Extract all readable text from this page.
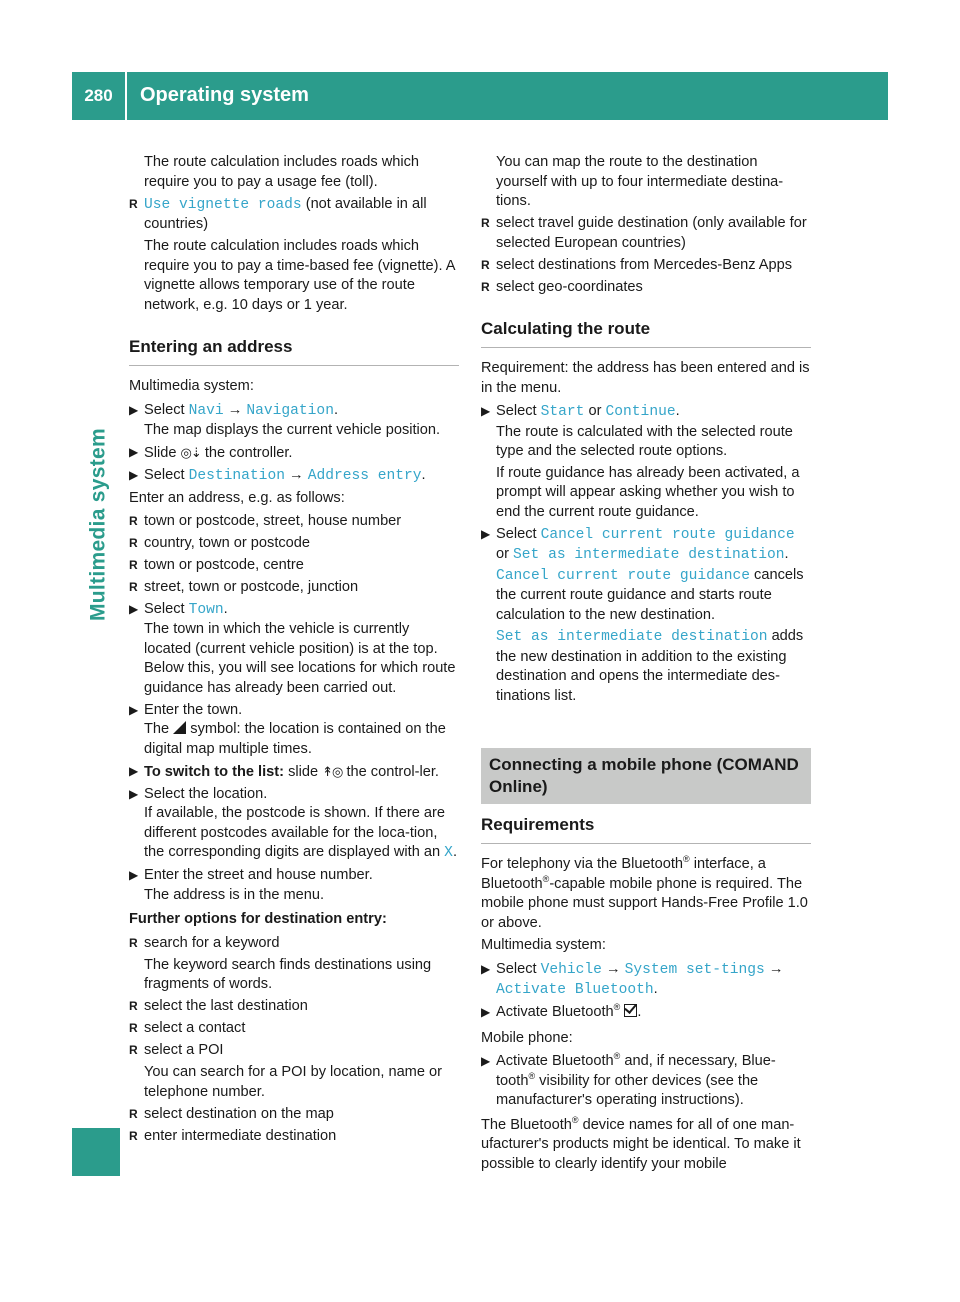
280	Operating system
Multimedia system

The route calculation includes roads which require you to pay a usage fee (toll).

R Use vignette roads (not available in all countries)

The route calculation includes roads which require you to pay a time-based fee (vignette). A vignette allows temporary use of the route network, e.g. 10 days or 1 year.

Entering an address

Multimedia system:

▶ Select Navi → Navigation.
The map displays the current vehicle position.
▶ Slide ◎⇣ the controller.
▶ Select Destination → Address entry.

Enter an address, e.g. as follows:

R town or postcode, street, house number
R country, town or postcode
R town or postcode, centre
R street, town or postcode, junction
▶ Select Town.
The town in which the vehicle is currently located (current vehicle position) is at the top. Below this, you will see locations for which route guidance has already been carried out.
▶ Enter the town.
The symbol: the location is contained on the digital map multiple times.
▶ To switch to the list: slide ↟◎ the control-ler.
▶ Select the location.
If available, the postcode is shown. If there are different postcodes available for the loca-tion, the corresponding digits are displayed with an X.
▶ Enter the street and house number.
The address is in the menu.

Further options for destination entry:

R search for a keyword

The keyword search finds destinations using fragments of words.

R select the last destination
R select a contact
R select a POI

You can search for a POI by location, name or telephone number.

R select destination on the map
R enter intermediate destination

You can map the route to the destination yourself with up to four intermediate destina-tions.

R select travel guide destination (only available for selected European countries)
R select destinations from Mercedes-Benz Apps
R select geo-coordinates
Calculating the route

Requirement: the address has been entered and is in the menu.

▶ Select Start or Continue.
The route is calculated with the selected route type and the selected route options.
If route guidance has already been activated, a prompt will appear asking whether you wish to end the current route guidance.
▶ Select Cancel current route guidance or Set as intermediate destination.
Cancel current route guidance cancels the current route guidance and starts route calculation to the new destination.
Set as intermediate destination adds the new destination in addition to the existing destination and opens the intermediate des-tinations list.
Connecting a mobile phone (COMAND Online)
Requirements

For telephony via the Bluetooth® interface, a Bluetooth®-capable mobile phone is required. The mobile phone must support Hands-Free Profile 1.0 or above.

Multimedia system:

▶ Select Vehicle → System set-tings → Activate Bluetooth.
▶ Activate Bluetooth® .

Mobile phone:

▶ Activate Bluetooth® and, if necessary, Blue-tooth® visibility for other devices (see the manufacturer's operating instructions).

The Bluetooth® device names for all of one man-ufacturer's products might be identical. To make it possible to clearly identify your mobile
